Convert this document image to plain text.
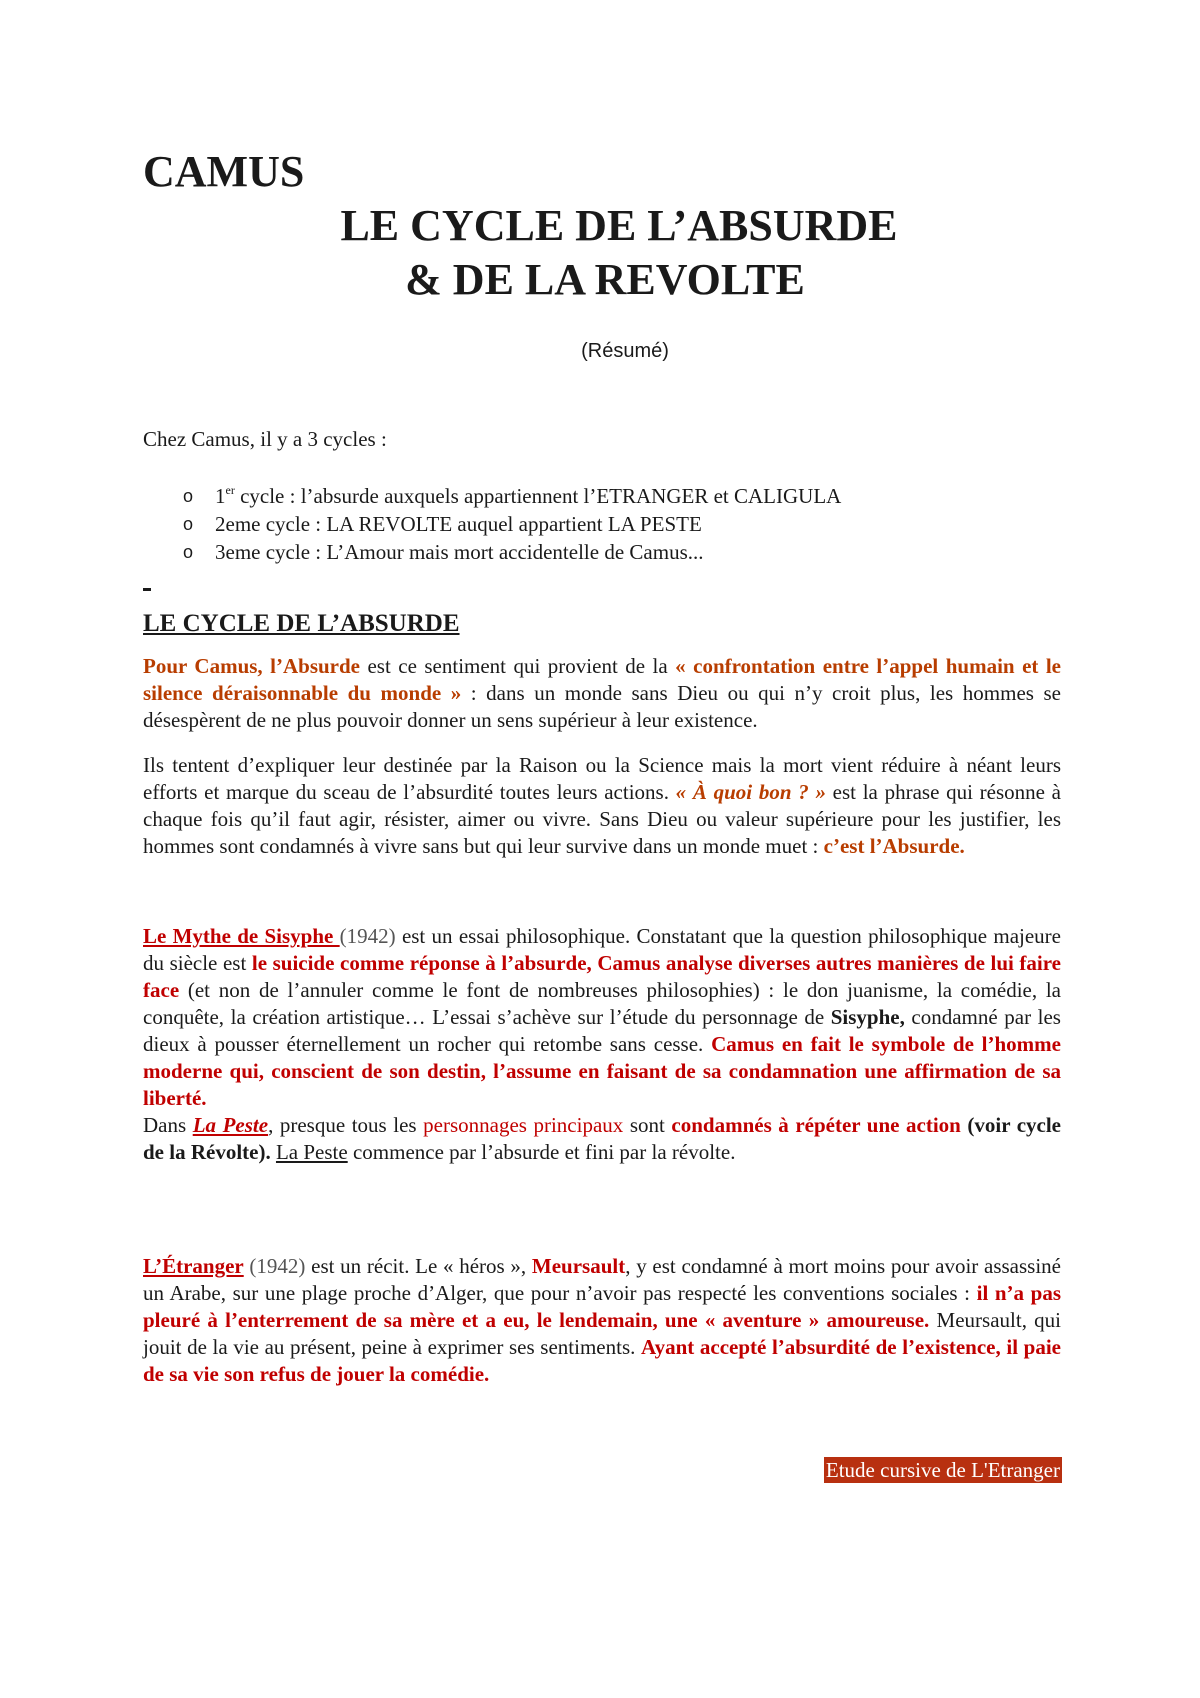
CAMUS
LE CYCLE DE L’ABSURDE
& DE LA REVOLTE
(Résumé)
Chez Camus, il y a 3 cycles :
o 1er cycle : l’absurde auxquels appartiennent l’ETRANGER et CALIGULA
o 2eme cycle : LA REVOLTE auquel appartient LA PESTE
o 3eme cycle : L’Amour mais mort accidentelle de Camus...
LE CYCLE DE L’ABSURDE

Pour Camus, l’Absurde est ce sentiment qui provient de la « confrontation entre l’appel humain et le silence déraisonnable du monde » : dans un monde sans Dieu ou qui n’y croit plus, les hommes se désespèrent de ne plus pouvoir donner un sens supérieur à leur existence.

Ils tentent d’expliquer leur destinée par la Raison ou la Science mais la mort vient réduire à néant leurs efforts et marque du sceau de l’absurdité toutes leurs actions. « À quoi bon ? » est la phrase qui résonne à chaque fois qu’il faut agir, résister, aimer ou vivre. Sans Dieu ou valeur supérieure pour les justifier, les hommes sont condamnés à vivre sans but qui leur survive dans un monde muet : c’est l’Absurde.

Le Mythe de Sisyphe (1942) est un essai philosophique. Constatant que la question philosophique majeure du siècle est le suicide comme réponse à l’absurde, Camus analyse diverses autres manières de lui faire face (et non de l’annuler comme le font de nombreuses philosophies) : le don juanisme, la comédie, la conquête, la création artistique… L’essai s’achève sur l’étude du personnage de Sisyphe, condamné par les dieux à pousser éternellement un rocher qui retombe sans cesse. Camus en fait le symbole de l’homme moderne qui, conscient de son destin, l’assume en faisant de sa condamnation une affirmation de sa liberté.
Dans La Peste, presque tous les personnages principaux sont condamnés à répéter une action (voir cycle de la Révolte). La Peste commence par l’absurde et fini par la révolte.

L’Étranger (1942) est un récit. Le « héros », Meursault, y est condamné à mort moins pour avoir assassiné un Arabe, sur une plage proche d’Alger, que pour n’avoir pas respecté les conventions sociales : il n’a pas pleuré à l’enterrement de sa mère et a eu, le lendemain, une « aventure » amoureuse. Meursault, qui jouit de la vie au présent, peine à exprimer ses sentiments. Ayant accepté l’absurdité de l’existence, il paie de sa vie son refus de jouer la comédie.

Etude cursive de L'Etranger
